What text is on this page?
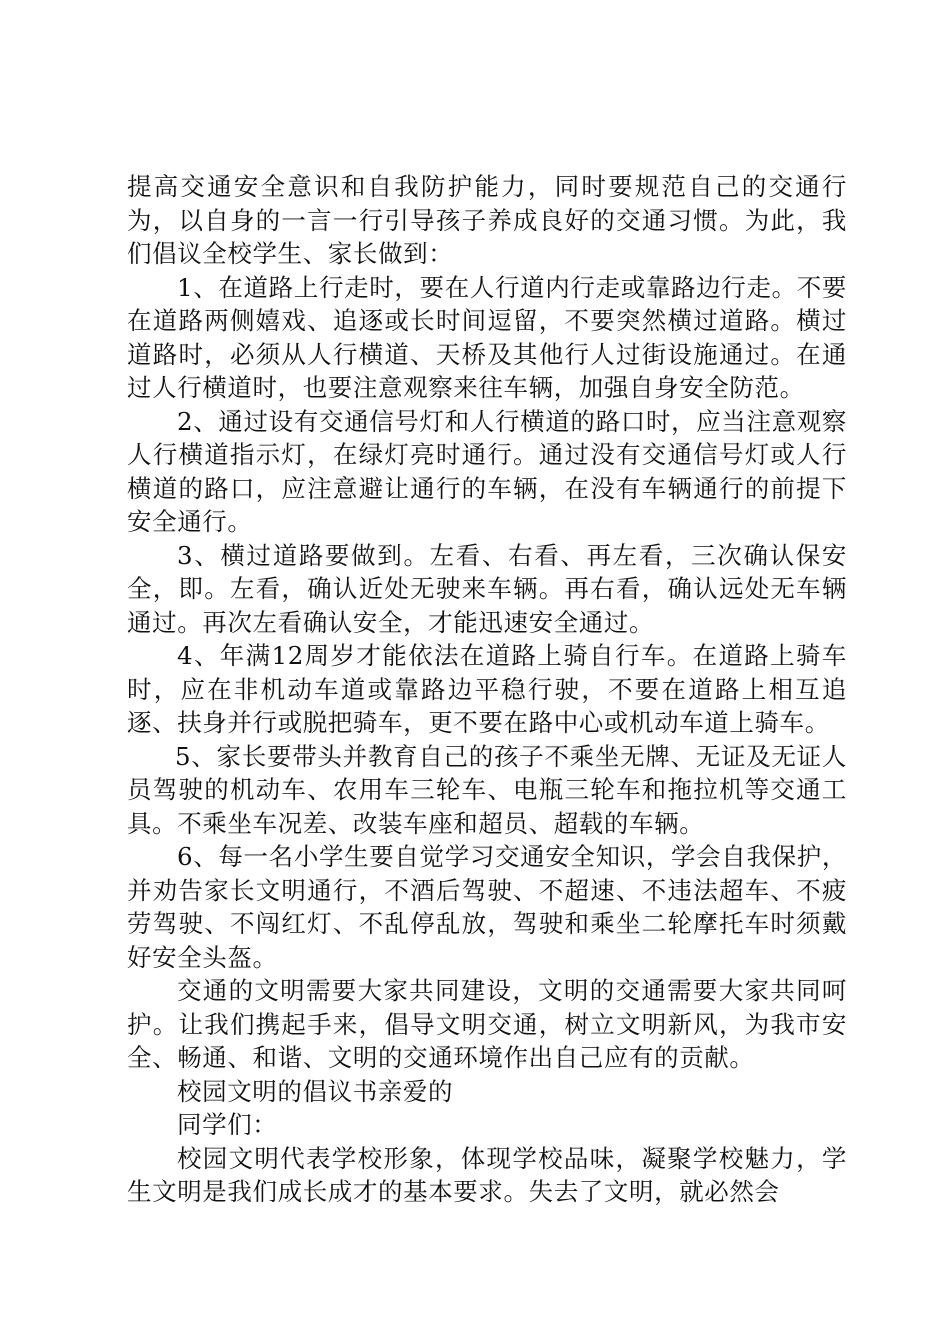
提高交通安全意识和自我防护能力，同时要规范自己的交通行为，以自身的一言一行引导孩子养成良好的交通习惯。为此，我们倡议全校学生、家长做到：

1、在道路上行走时，要在人行道内行走或靠路边行走。不要在道路两侧嬉戏、追逐或长时间逗留，不要突然横过道路。横过道路时，必须从人行横道、天桥及其他行人过街设施通过。在通过人行横道时，也要注意观察来往车辆，加强自身安全防范。

2、通过设有交通信号灯和人行横道的路口时，应当注意观察人行横道指示灯，在绿灯亮时通行。通过没有交通信号灯或人行横道的路口，应注意避让通行的车辆，在没有车辆通行的前提下安全通行。

3、横过道路要做到。左看、右看、再左看，三次确认保安全，即。左看，确认近处无驶来车辆。再右看，确认远处无车辆通过。再次左看确认安全，才能迅速安全通过。

4、年满12周岁才能依法在道路上骑自行车。在道路上骑车时，应在非机动车道或靠路边平稳行驶，不要在道路上相互追逐、扶身并行或脱把骑车，更不要在路中心或机动车道上骑车。

5、家长要带头并教育自己的孩子不乘坐无牌、无证及无证人员驾驶的机动车、农用车三轮车、电瓶三轮车和拖拉机等交通工具。不乘坐车况差、改装车座和超员、超载的车辆。

6、每一名小学生要自觉学习交通安全知识，学会自我保护，并劝告家长文明通行，不酒后驾驶、不超速、不违法超车、不疲劳驾驶、不闯红灯、不乱停乱放，驾驶和乘坐二轮摩托车时须戴好安全头盔。

交通的文明需要大家共同建设，文明的交通需要大家共同呵护。让我们携起手来，倡导文明交通，树立文明新风，为我市安全、畅通、和谐、文明的交通环境作出自己应有的贡献。

校园文明的倡议书亲爱的

同学们：

校园文明代表学校形象，体现学校品味，凝聚学校魅力，学生文明是我们成长成才的基本要求。失去了文明，就必然会
